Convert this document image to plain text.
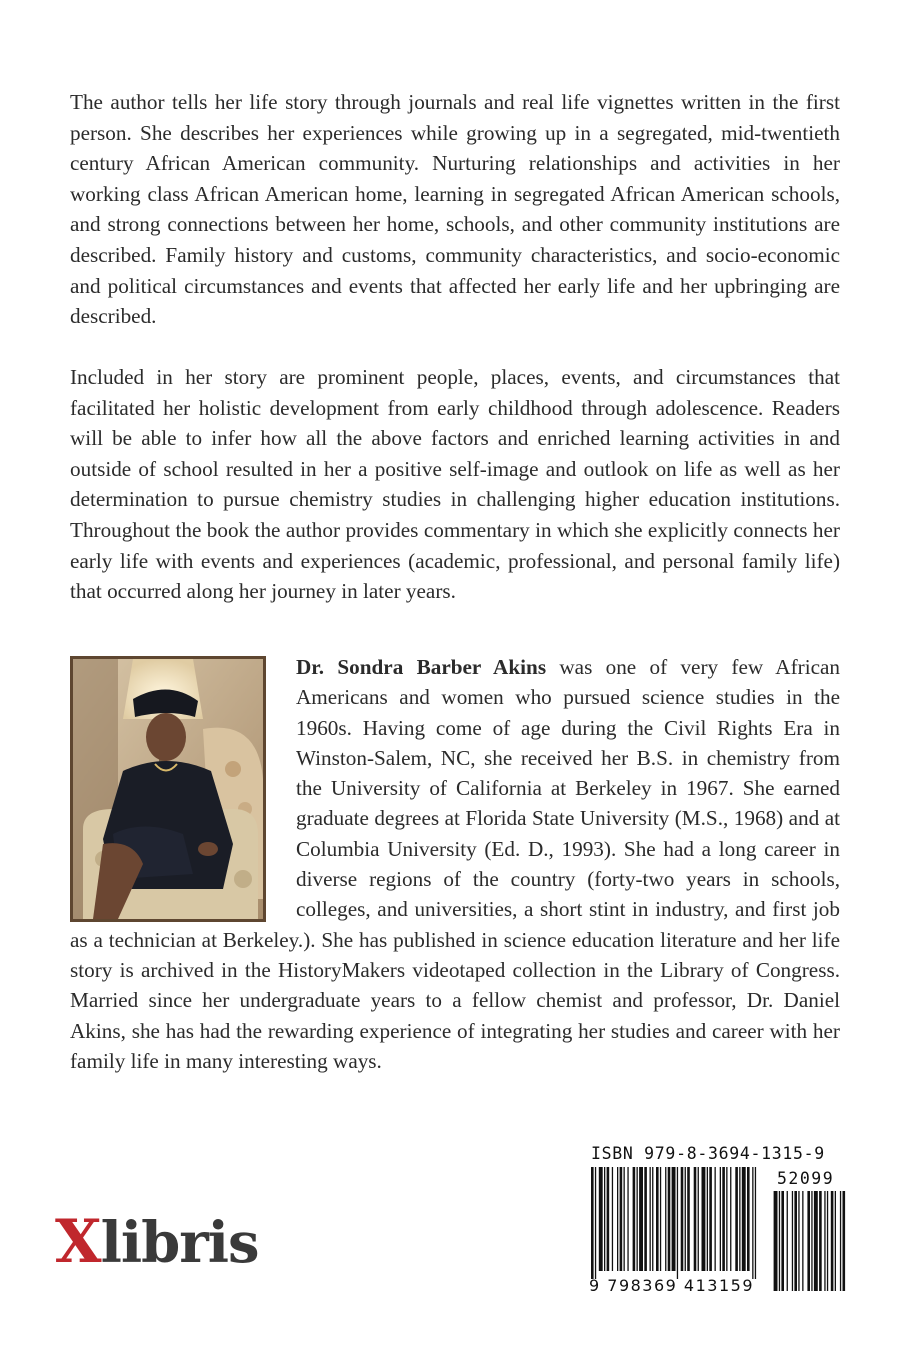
The author tells her life story through journals and real life vignettes written in the first person. She describes her experiences while growing up in a segregated, mid-twentieth century African American community. Nurturing relationships and activities in her working class African American home, learning in segregated African American schools, and strong connections between her home, schools, and other community institutions are described. Family history and customs, community characteristics, and socio-economic and political circumstances and events that affected her early life and her upbringing are described.

Included in her story are prominent people, places, events, and circumstances that facilitated her holistic development from early childhood through adolescence. Readers will be able to infer how all the above factors and enriched learning activities in and outside of school resulted in her a positive self-image and outlook on life as well as her determination to pursue chemistry studies in challenging higher education institutions. Throughout the book the author provides commentary in which she explicitly connects her early life with events and experiences (academic, professional, and personal family life) that occurred along her journey in later years.

Dr. Sondra Barber Akins was one of very few African Americans and women who pursued science studies in the 1960s. Having come of age during the Civil Rights Era in Winston-Salem, NC, she received her B.S. in chemistry from the University of California at Berkeley in 1967. She earned graduate degrees at Florida State University (M.S., 1968) and at Columbia University (Ed. D., 1993). She had a long career in diverse regions of the country (forty-two years in schools, colleges, and universities, a short stint in industry, and first job as a technician at Berkeley.). She has published in science education literature and her life story is archived in the HistoryMakers videotaped collection in the Library of Congress. Married since her undergraduate years to a fellow chemist and professor, Dr. Daniel Akins, she has had the rewarding experience of integrating her studies and career with her family life in many interesting ways.
Xlibris
ISBN 979-8-3694-1315-9
52099
9 798369 413159
